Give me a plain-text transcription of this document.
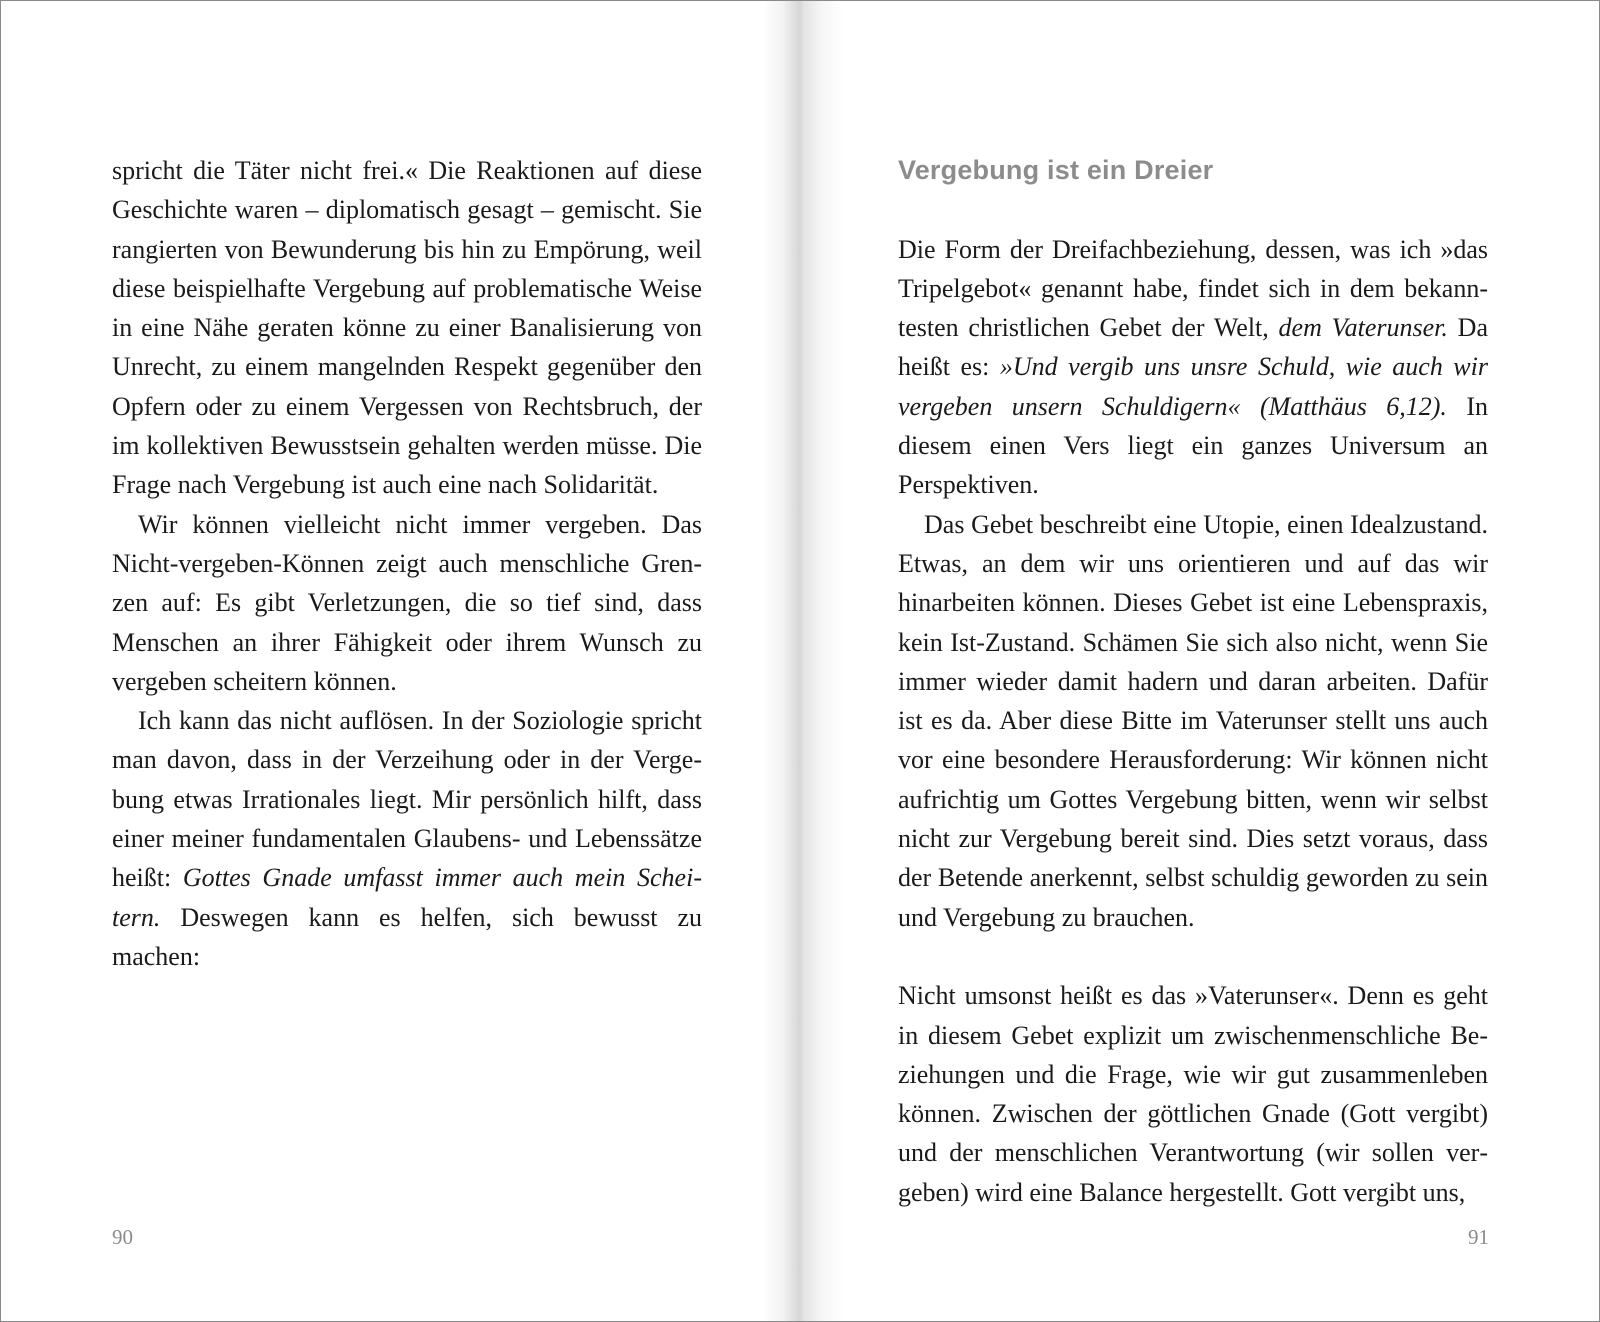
spricht die Täter nicht frei.« Die Reaktionen auf diese Geschichte waren – diplomatisch gesagt – gemischt. Sie rangierten von Bewunderung bis hin zu Empörung, weil diese beispielhafte Vergebung auf problematische Weise in eine Nähe geraten könne zu einer Banalisierung von Unrecht, zu einem mangelnden Respekt gegenüber den Opfern oder zu einem Vergessen von Rechtsbruch, der im kollektiven Bewusstsein gehalten werden müsse. Die Frage nach Vergebung ist auch eine nach Solidarität.

Wir können vielleicht nicht immer vergeben. Das Nicht-vergeben-Können zeigt auch menschliche Grenzen auf: Es gibt Verletzungen, die so tief sind, dass Menschen an ihrer Fähigkeit oder ihrem Wunsch zu vergeben scheitern können.

Ich kann das nicht auflösen. In der Soziologie spricht man davon, dass in der Verzeihung oder in der Vergebung etwas Irrationales liegt. Mir persönlich hilft, dass einer meiner fundamentalen Glaubens- und Lebenssätze heißt: Gottes Gnade umfasst immer auch mein Scheitern. Deswegen kann es helfen, sich bewusst zu machen:

90
Vergebung ist ein Dreier

Die Form der Dreifachbeziehung, dessen, was ich »das Tripelgebot« genannt habe, findet sich in dem bekanntesten christlichen Gebet der Welt, dem Vaterunser. Da heißt es: »Und vergib uns unsre Schuld, wie auch wir vergeben unsern Schuldigern« (Matthäus 6,12). In diesem einen Vers liegt ein ganzes Universum an Perspektiven.

Das Gebet beschreibt eine Utopie, einen Idealzustand. Etwas, an dem wir uns orientieren und auf das wir hinarbeiten können. Dieses Gebet ist eine Lebenspraxis, kein Ist-Zustand. Schämen Sie sich also nicht, wenn Sie immer wieder damit hadern und daran arbeiten. Dafür ist es da. Aber diese Bitte im Vaterunser stellt uns auch vor eine besondere Herausforderung: Wir können nicht aufrichtig um Gottes Vergebung bitten, wenn wir selbst nicht zur Vergebung bereit sind. Dies setzt voraus, dass der Betende anerkennt, selbst schuldig geworden zu sein und Vergebung zu brauchen.

Nicht umsonst heißt es das »Vaterunser«. Denn es geht in diesem Gebet explizit um zwischenmenschliche Beziehungen und die Frage, wie wir gut zusammenleben können. Zwischen der göttlichen Gnade (Gott vergibt) und der menschlichen Verantwortung (wir sollen vergeben) wird eine Balance hergestellt. Gott vergibt uns,

91
